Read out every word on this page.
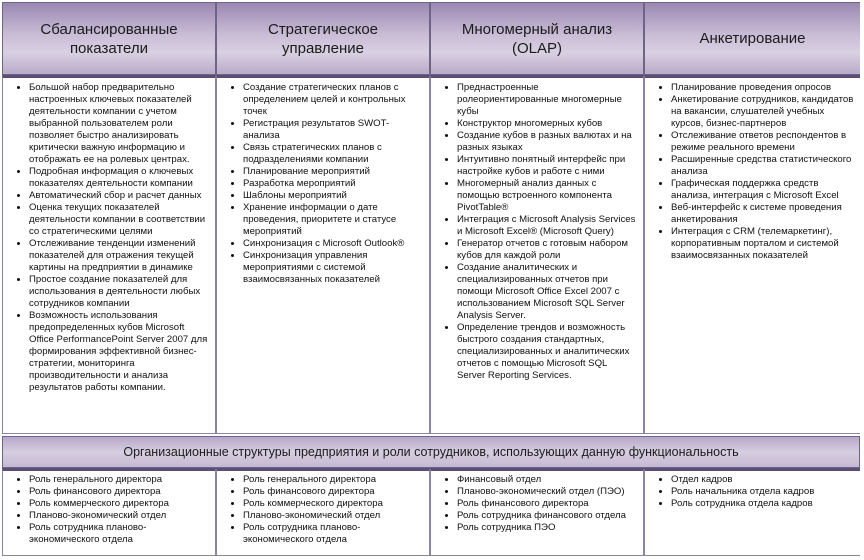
Сбалансированные показатели
Стратегическое управление
Многомерный анализ (OLAP)
Анкетирование
• Большой набор предварительно настроенных ключевых показателей деятельности компании с учетом выбранной пользователем роли позволяет быстро анализировать критически важную информацию и отображать ее на ролевых центрах.
• Подробная информация о ключевых показателях деятельности компании
• Автоматический сбор и расчет данных
• Оценка текущих показателей деятельности компании в соответствии со стратегическими целями
• Отслеживание тенденции изменений показателей для отражения текущей картины на предприятии в динамике
• Простое создание показателей для использования в деятельности любых сотрудников компании
• Возможность использования предопределенных кубов Microsoft Office PerformancePoint Server 2007 для формирования эффективной бизнес-стратегии, мониторинга производительности и анализа результатов работы компании.
• Создание стратегических планов с определением целей и контрольных точек
• Регистрация результатов SWOT-анализа
• Связь стратегических планов с подразделениями компании
• Планирование мероприятий
• Разработка мероприятий
• Шаблоны мероприятий
• Хранение информации о дате проведения, приоритете и статусе мероприятий
• Синхронизация с Microsoft Outlook®
• Синхронизация управления мероприятиями с системой взаимосвязанных показателей
• Преднастроенные ролеориентированные многомерные кубы
• Конструктор многомерных кубов
• Создание кубов в разных валютах и на разных языках
• Интуитивно понятный интерфейс при настройке кубов и работе с ними
• Многомерный анализ данных с помощью встроенного компонента PivotTable®
• Интеграция с Microsoft Analysis Services и Microsoft Excel® (Microsoft Query)
• Генератор отчетов с готовым набором кубов для каждой роли
• Создание аналитических и специализированных отчетов при помощи Microsoft Office Excel 2007 с использованием Microsoft SQL Server Analysis Server.
• Определение трендов и возможность быстрого создания стандартных, специализированных и аналитических отчетов с помощью Microsoft SQL Server Reporting Services.
• Планирование проведения опросов
• Анкетирование сотрудников, кандидатов на вакансии, слушателей учебных курсов, бизнес-партнеров
• Отслеживание ответов респондентов в режиме реального времени
• Расширенные средства статистического анализа
• Графическая поддержка средств анализа, интеграция с Microsoft Excel
• Веб-интерфейс к системе проведения анкетирования
• Интеграция с CRM (телемаркетинг), корпоративным порталом и системой взаимосвязанных показателей
Организационные структуры предприятия и роли сотрудников, использующих данную функциональность
• Роль генерального директора
• Роль финансового директора
• Роль коммерческого директора
• Планово-экономический отдел
• Роль сотрудника планово-экономического отдела
• Роль генерального директора
• Роль финансового директора
• Роль коммерческого директора
• Планово-экономический отдел
• Роль сотрудника планово-экономического отдела
• Финансовый отдел
• Планово-экономический отдел (ПЭО)
• Роль финансового директора
• Роль сотрудника финансового отдела
• Роль сотрудника ПЭО
• Отдел кадров
• Роль начальника отдела кадров
• Роль сотрудника отдела кадров
